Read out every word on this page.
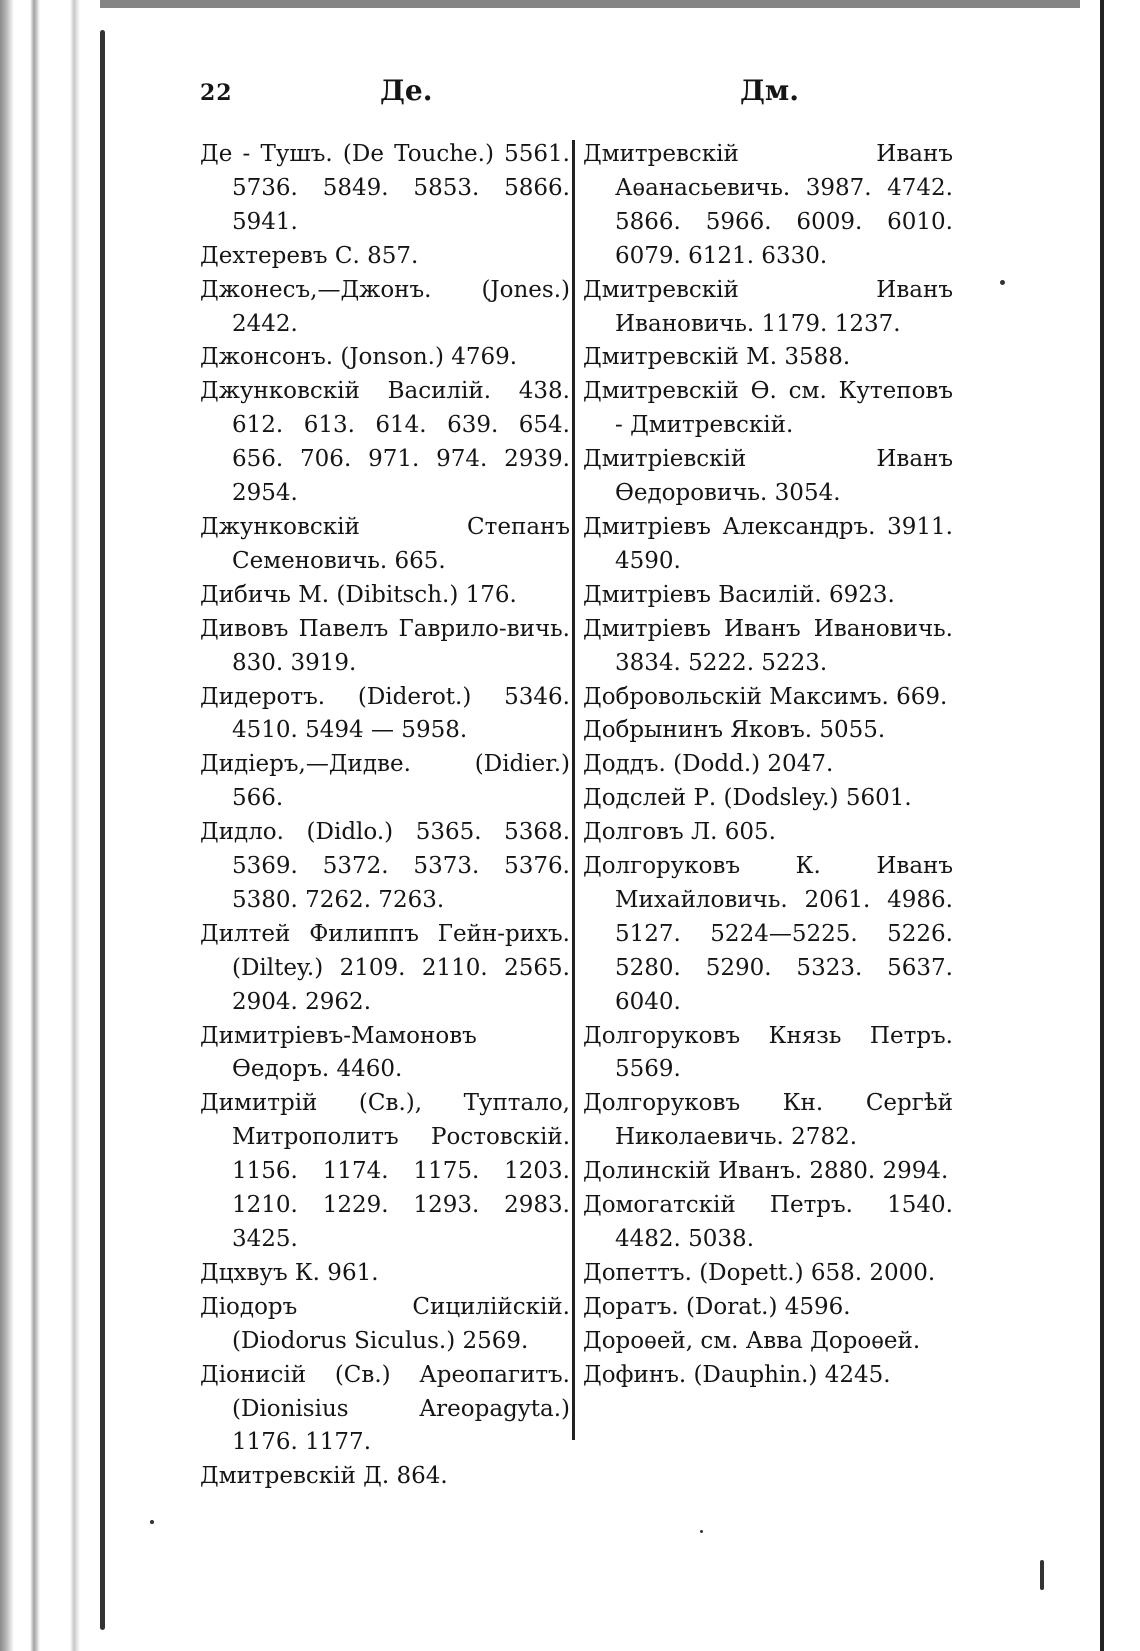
22	Де.	Дм.

Де - Тушъ. (De Touche.) 5561. 5736. 5849. 5853. 5866. 5941.

Дехтеревъ С. 857.

Джонесъ,—Джонъ. (Jones.) 2442.

Джонсонъ. (Jonson.) 4769.

Джунковскій Василій. 438. 612. 613. 614. 639. 654. 656. 706. 971. 974. 2939. 2954.

Джунковскій Степанъ Семеновичь. 665.

Дибичь М. (Dibitsch.) 176.

Дивовъ Павелъ Гаврило-вичь. 830. 3919.

Дидеротъ. (Diderot.) 5346. 4510. 5494 — 5958.

Дидіеръ,—Дидве. (Didier.) 566.

Дидло. (Didlo.) 5365. 5368. 5369. 5372. 5373. 5376. 5380. 7262. 7263.

Дилтей Филиппъ Гейн-рихъ. (Diltey.) 2109. 2110. 2565. 2904. 2962.

Димитріевъ-Мамоновъ Ѳедоръ. 4460.

Димитрій (Св.), Туптало, Митрополитъ Ростовскій. 1156. 1174. 1175. 1203. 1210. 1229. 1293. 2983. 3425.

Дцхвуъ К. 961.

Діодоръ Сицилійскій. (Diodorus Siculus.) 2569.

Діонисій (Св.) Ареопагитъ. (Dionisius Areopagyta.) 1176. 1177.

Дмитревскій Д. 864.

Дмитревскій Иванъ Аѳанасьевичь. 3987. 4742. 5866. 5966. 6009. 6010. 6079. 6121. 6330.

Дмитревскій Иванъ Ивановичь. 1179. 1237.

Дмитревскій М. 3588.

Дмитревскій Ѳ. см. Кутеповъ - Дмитревскій.

Дмитріевскій Иванъ Ѳедоровичь. 3054.

Дмитріевъ Александръ. 3911. 4590.

Дмитріевъ Василій. 6923.

Дмитріевъ Иванъ Ивановичь. 3834. 5222. 5223.

Добровольскій Максимъ. 669.

Добрынинъ Яковъ. 5055.

Доддъ. (Dodd.) 2047.

Додслей Р. (Dodsley.) 5601.

Долговъ Л. 605.

Долгоруковъ К. Иванъ Михайловичь. 2061. 4986. 5127. 5224—5225. 5226. 5280. 5290. 5323. 5637. 6040.

Долгоруковъ Князь Петръ. 5569.

Долгоруковъ Кн. Сергѣй Николаевичь. 2782.

Долинскій Иванъ. 2880. 2994.

Домогатскій Петръ. 1540. 4482. 5038.

Допеттъ. (Dopett.) 658. 2000.

Доратъ. (Dorat.) 4596.

Дороѳей, см. Авва Дороѳей.

Дофинъ. (Dauphin.) 4245.
